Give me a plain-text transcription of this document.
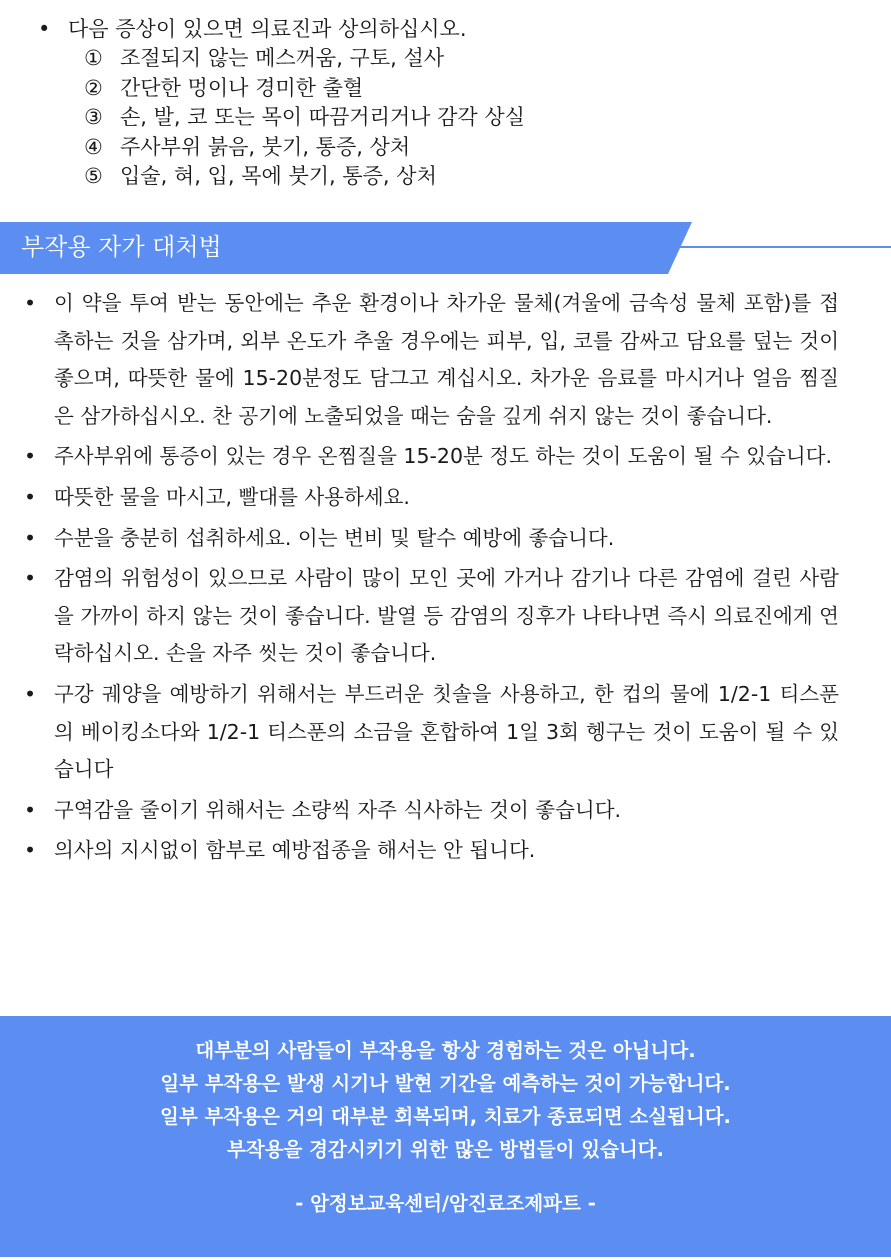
• 다음 증상이 있으면 의료진과 상의하십시오.
① 조절되지 않는 메스꺼움, 구토, 설사
② 간단한 멍이나 경미한 출혈
③ 손, 발, 코 또는 목이 따끔거리거나 감각 상실
④ 주사부위 붉음, 붓기, 통증, 상처
⑤ 입술, 혀, 입, 목에 붓기, 통증, 상처
부작용 자가 대처법
• 이 약을 투여 받는 동안에는 추운 환경이나 차가운 물체(겨울에 금속성 물체 포함)를 접촉하는 것을 삼가며, 외부 온도가 추울 경우에는 피부, 입, 코를 감싸고 담요를 덮는 것이 좋으며, 따뜻한 물에 15-20분정도 담그고 계십시오. 차가운 음료를 마시거나 얼음 찜질은 삼가하십시오. 찬 공기에 노출되었을 때는 숨을 깊게 쉬지 않는 것이 좋습니다.
• 주사부위에 통증이 있는 경우 온찜질을 15-20분 정도 하는 것이 도움이 될 수 있습니다.
• 따뜻한 물을 마시고, 빨대를 사용하세요.
• 수분을 충분히 섭취하세요. 이는 변비 및 탈수 예방에 좋습니다.
• 감염의 위험성이 있으므로 사람이 많이 모인 곳에 가거나 감기나 다른 감염에 걸린 사람을 가까이 하지 않는 것이 좋습니다. 발열 등 감염의 징후가 나타나면 즉시 의료진에게 연락하십시오. 손을 자주 씻는 것이 좋습니다.
• 구강 궤양을 예방하기 위해서는 부드러운 칫솔을 사용하고, 한 컵의 물에 1/2-1 티스푼의 베이킹소다와 1/2-1 티스푼의 소금을 혼합하여 1일 3회 헹구는 것이 도움이 될 수 있습니다
• 구역감을 줄이기 위해서는 소량씩 자주 식사하는 것이 좋습니다.
• 의사의 지시없이 함부로 예방접종을 해서는 안 됩니다.
대부분의 사람들이 부작용을 항상 경험하는 것은 아닙니다.
일부 부작용은 발생 시기나 발현 기간을 예측하는 것이 가능합니다.
일부 부작용은 거의 대부분 회복되며, 치료가 종료되면 소실됩니다.
부작용을 경감시키기 위한 많은 방법들이 있습니다.
- 암정보교육센터/암진료조제파트 -
